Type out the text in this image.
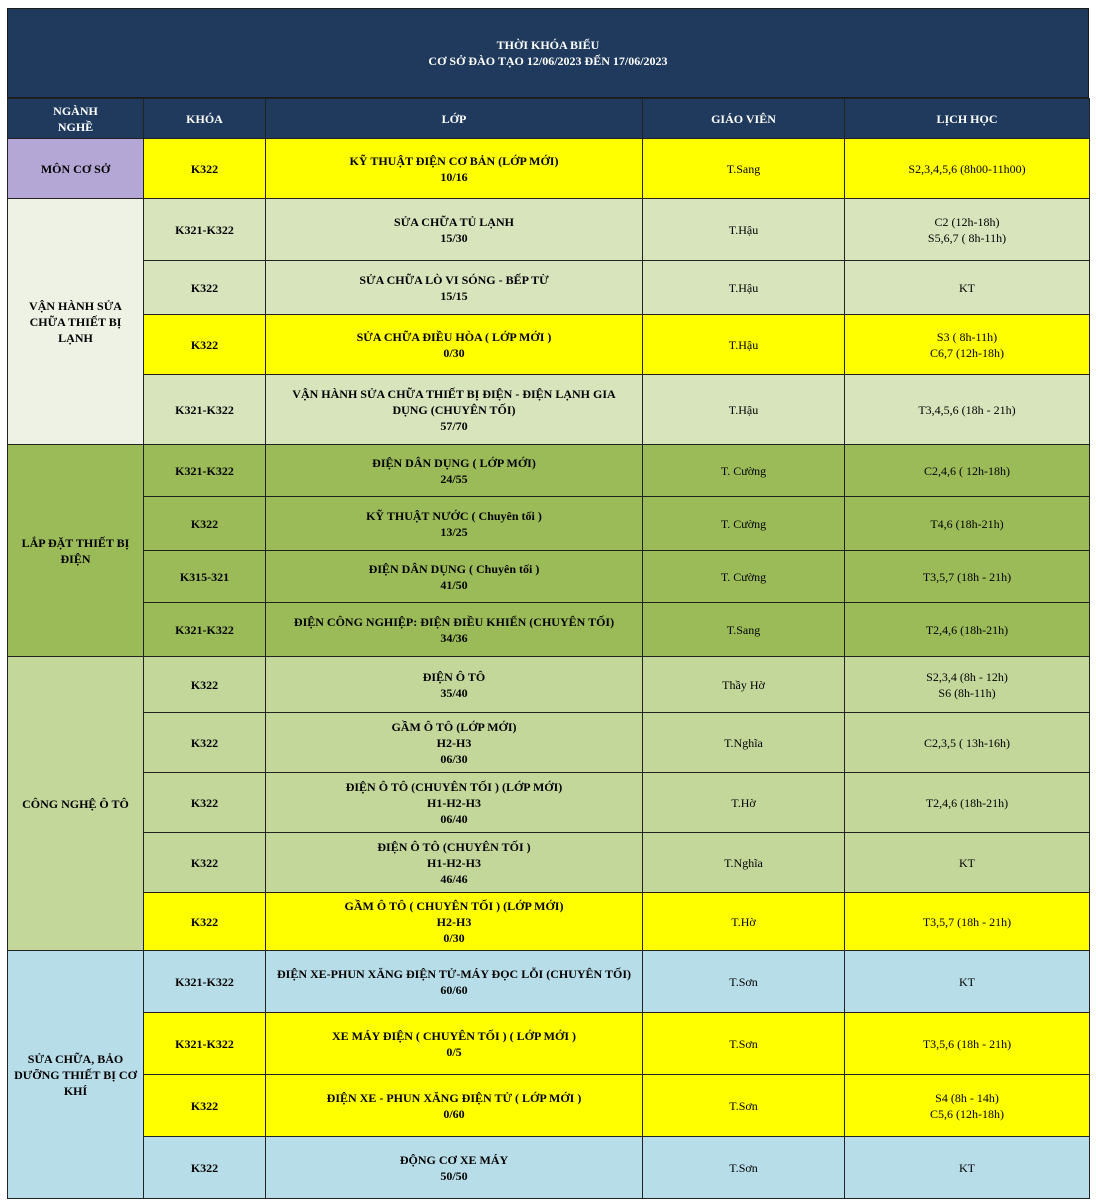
THỜI KHÓA BIỂU
CƠ SỞ ĐÀO TẠO 12/06/2023 ĐẾN 17/06/2023
NGÀNH NGHỀ	KHÓA	LỚP	GIÁO VIÊN	LỊCH HỌC
MÔN CƠ SỞ	K322	KỸ THUẬT ĐIỆN CƠ BẢN (LỚP MỚI)
10/16	T.Sang	S2,3,4,5,6 (8h00-11h00)

VẬN HÀNH SỬA CHỮA THIẾT BỊ LẠNH	K321-K322	SỬA CHỮA TỦ LẠNH
15/30	T.Hậu	C2 (12h-18h)
S5,6,7 ( 8h-11h)

	K322	SỬA CHỮA LÒ VI SÓNG - BẾP TỪ
15/15	T.Hậu	KT

	K322	SỬA CHỮA ĐIỀU HÒA ( LỚP MỚI )
0/30	T.Hậu	S3 ( 8h-11h)
C6,7 (12h-18h)

	K321-K322	VẬN HÀNH SỬA CHỮA THIẾT BỊ ĐIỆN - ĐIỆN LẠNH GIA
DỤNG (CHUYÊN TỐI)
57/70	T.Hậu	T3,4,5,6 (18h - 21h)

LẮP ĐẶT THIẾT BỊ ĐIỆN	K321-K322	ĐIỆN DÂN DỤNG ( LỚP MỚI)
24/55	T. Cường	C2,4,6 ( 12h-18h)

	K322	KỸ THUẬT NƯỚC ( Chuyên tối )
13/25	T. Cường	T4,6 (18h-21h)

	K315-321	ĐIỆN DÂN DỤNG ( Chuyên tối )
41/50	T. Cường	T3,5,7 (18h - 21h)

	K321-K322	ĐIỆN CÔNG NGHIỆP: ĐIỆN ĐIỀU KHIỂN (CHUYÊN TỐI)
34/36	T.Sang	T2,4,6 (18h-21h)

CÔNG NGHỆ Ô TÔ	K322	ĐIỆN Ô TÔ
35/40	Thầy Hờ	S2,3,4 (8h - 12h)
S6 (8h-11h)

	K322	GẦM Ô TÔ (LỚP MỚI)
H2-H3
06/30	T.Nghĩa	C2,3,5 ( 13h-16h)

	K322	ĐIỆN Ô TÔ (CHUYÊN TỐI ) (LỚP MỚI)
H1-H2-H3
06/40	T.Hờ	T2,4,6 (18h-21h)

	K322	ĐIỆN Ô TÔ (CHUYÊN TỐI )
H1-H2-H3
46/46	T.Nghĩa	KT

	K322	GẦM Ô TÔ ( CHUYÊN TỐI ) (LỚP MỚI)
H2-H3
0/30	T.Hờ	T3,5,7 (18h - 21h)

SỬA CHỮA, BẢO DƯỠNG THIẾT BỊ CƠ KHÍ	K321-K322	ĐIỆN XE-PHUN XĂNG ĐIỆN TỬ-MÁY ĐỌC LỖI (CHUYÊN TỐI)
60/60	T.Sơn	KT

	K321-K322	XE MÁY ĐIỆN ( CHUYÊN TỐI ) ( LỚP MỚI )
0/5	T.Sơn	T3,5,6 (18h - 21h)

	K322	ĐIỆN XE - PHUN XĂNG ĐIỆN TỬ ( LỚP MỚI )
0/60	T.Sơn	S4 (8h - 14h)
C5,6 (12h-18h)

	K322	ĐỘNG CƠ XE MÁY
50/50	T.Sơn	KT
